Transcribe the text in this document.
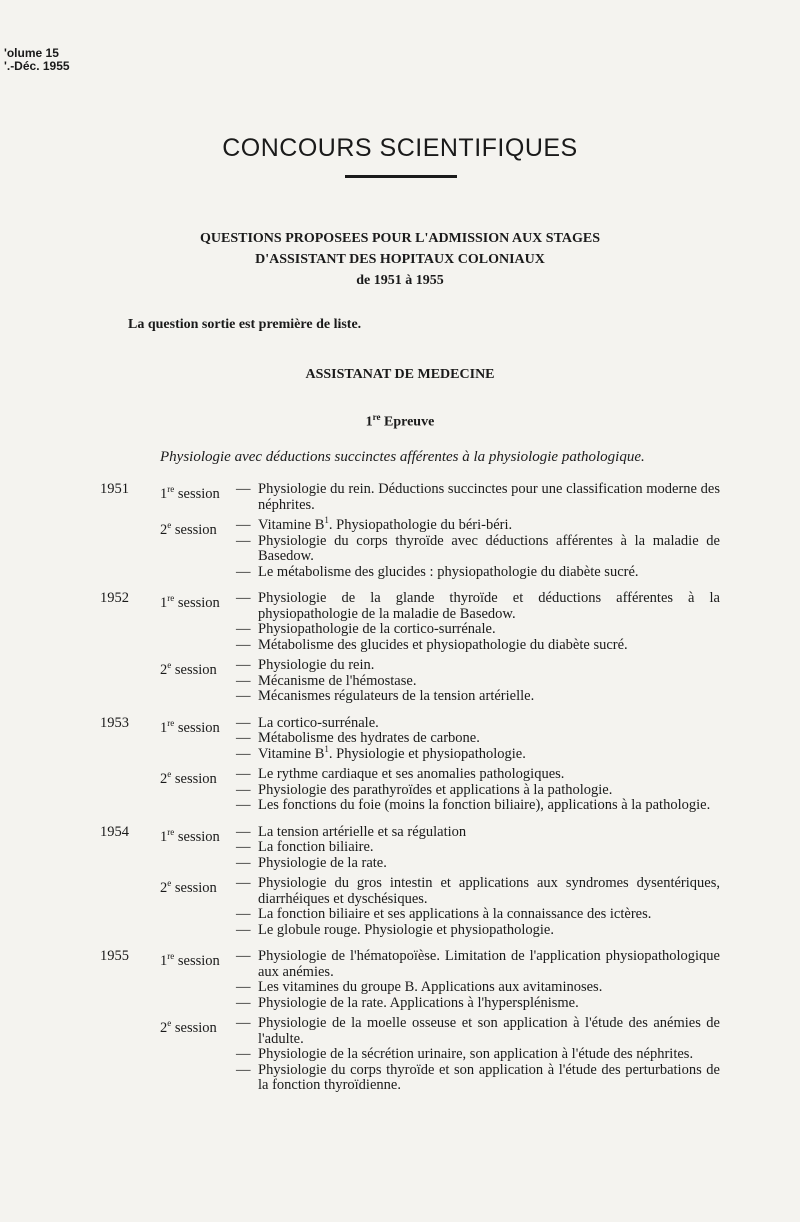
'olume 15
'.-Déc. 1955
CONCOURS SCIENTIFIQUES
QUESTIONS PROPOSEES POUR L'ADMISSION AUX STAGES
D'ASSISTANT DES HOPITAUX COLONIAUX
de 1951 à 1955
La question sortie est première de liste.
ASSISTANAT DE MEDECINE
1re Epreuve
Physiologie avec déductions succinctes afférentes à la physiologie pathologique.
1951 1re session — Physiologie du rein. Déductions succinctes pour une classification moderne des néphrites.
2e session — Vitamine $B^1$. Physiopathologie du béri-béri.
— Physiologie du corps thyroïde avec déductions afférentes à la maladie de Basedow.
— Le métabolisme des glucides : physiopathologie du diabète sucré.
1952 1re session — Physiologie de la glande thyroïde et déductions afférentes à la physiopathologie de la maladie de Basedow.
— Physiopathologie de la cortico-surrénale.
— Métabolisme des glucides et physiopathologie du diabète sucré.
2e session — Physiologie du rein.
— Mécanisme de l'hémostase.
— Mécanismes régulateurs de la tension artérielle.
1953 1re session — La cortico-surrénale.
— Métabolisme des hydrates de carbone.
— Vitamine $B^1$. Physiologie et physiopathologie.
2e session — Le rythme cardiaque et ses anomalies pathologiques.
— Physiologie des parathyroïdes et applications à la pathologie.
— Les fonctions du foie (moins la fonction biliaire), applications à la pathologie.
1954 1re session — La tension artérielle et sa régulation
— La fonction biliaire.
— Physiologie de la rate.
2e session — Physiologie du gros intestin et applications aux syndromes dysentériques, diarrhéiques et dyschésiques.
— La fonction biliaire et ses applications à la connaissance des ictères.
— Le globule rouge. Physiologie et physiopathologie.
1955 1re session — Physiologie de l'hématopoïèse. Limitation de l'application physiopathologique aux anémies.
— Les vitamines du groupe B. Applications aux avitaminoses.
— Physiologie de la rate. Applications à l'hypersplénisme.
2e session — Physiologie de la moelle osseuse et son application à l'étude des anémies de l'adulte.
— Physiologie de la sécrétion urinaire, son application à l'étude des néphrites.
— Physiologie du corps thyroïde et son application à l'étude des perturbations de la fonction thyroïdienne.
